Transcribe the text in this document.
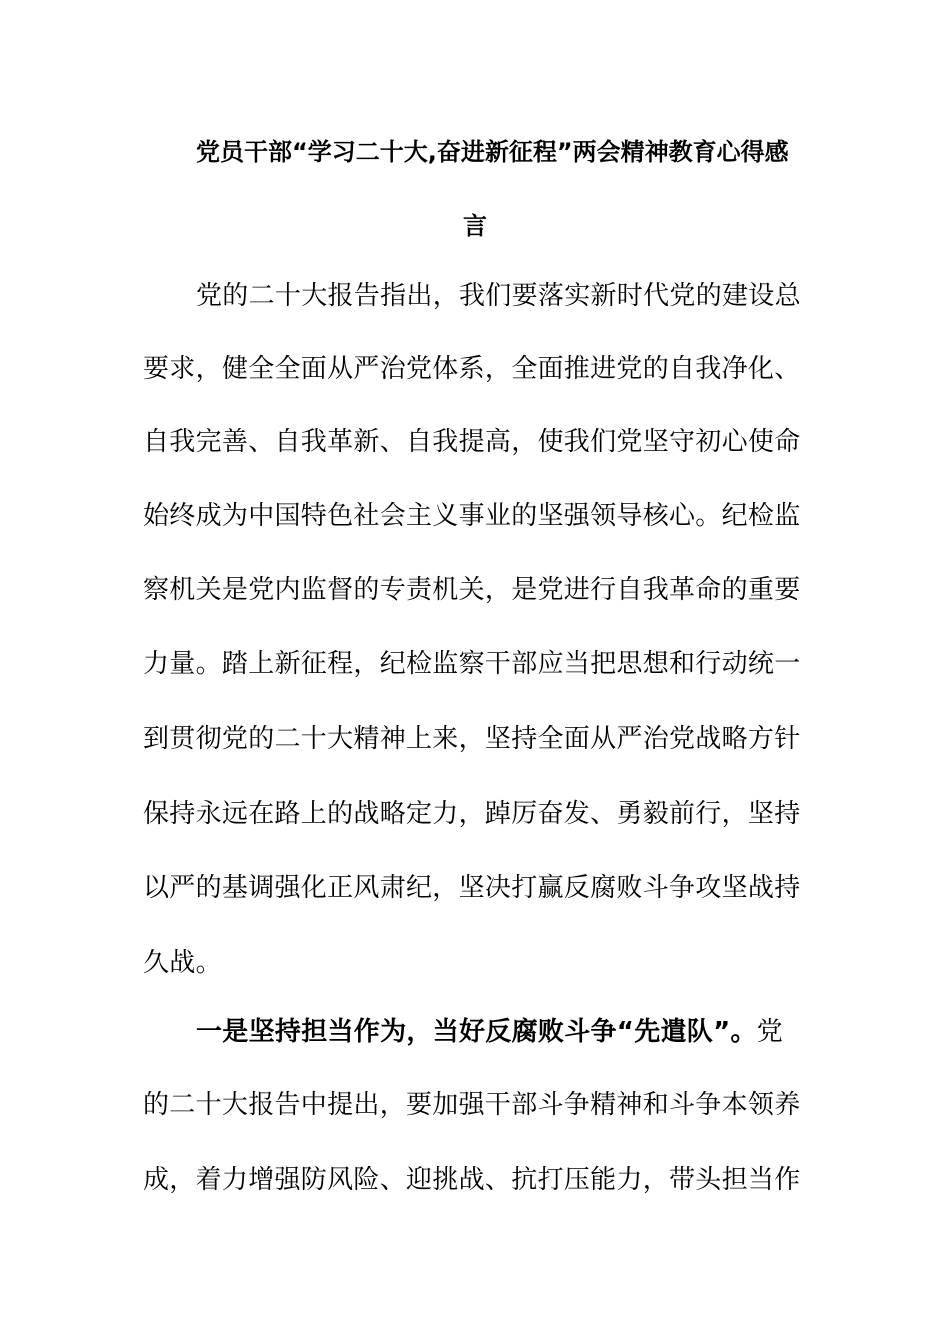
党员干部“学习二十大,奋进新征程”两会精神教育心得感
言
党的二十大报告指出，我们要落实新时代党的建设总
要求，健全全面从严治党体系，全面推进党的自我净化、
自我完善、自我革新、自我提高，使我们党坚守初心使命
始终成为中国特色社会主义事业的坚强领导核心。纪检监
察机关是党内监督的专责机关，是党进行自我革命的重要
力量。踏上新征程，纪检监察干部应当把思想和行动统一
到贯彻党的二十大精神上来，坚持全面从严治党战略方针
保持永远在路上的战略定力，踔厉奋发、勇毅前行，坚持
以严的基调强化正风肃纪，坚决打赢反腐败斗争攻坚战持
久战。
一是坚持担当作为，当好反腐败斗争“先遣队”。党
的二十大报告中提出，要加强干部斗争精神和斗争本领养
成，着力增强防风险、迎挑战、抗打压能力，带头担当作
